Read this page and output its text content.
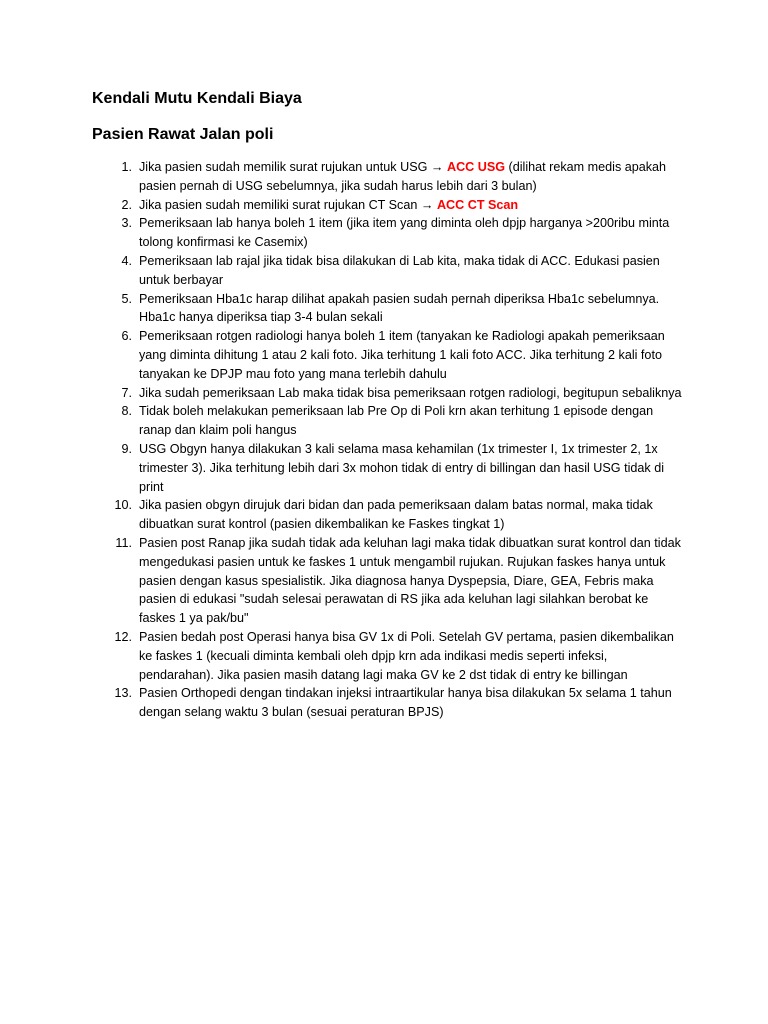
Kendali Mutu Kendali Biaya
Pasien Rawat Jalan poli
1. Jika pasien sudah memilik surat rujukan untuk USG → ACC USG (dilihat rekam medis apakah pasien pernah di USG sebelumnya, jika sudah harus lebih dari 3 bulan)
2. Jika pasien sudah memiliki surat rujukan CT Scan → ACC CT Scan
3. Pemeriksaan lab hanya boleh 1 item (jika item yang diminta oleh dpjp harganya >200ribu minta tolong konfirmasi ke Casemix)
4. Pemeriksaan lab rajal jika tidak bisa dilakukan di Lab kita, maka tidak di ACC. Edukasi pasien untuk berbayar
5. Pemeriksaan Hba1c harap dilihat apakah pasien sudah pernah diperiksa Hba1c sebelumnya. Hba1c hanya diperiksa tiap 3-4 bulan sekali
6. Pemeriksaan rotgen radiologi hanya boleh 1 item (tanyakan ke Radiologi apakah pemeriksaan yang diminta dihitung 1 atau 2 kali foto. Jika terhitung 1 kali foto ACC. Jika terhitung 2 kali foto tanyakan ke DPJP mau foto yang mana terlebih dahulu
7. Jika sudah pemeriksaan Lab maka tidak bisa pemeriksaan rotgen radiologi, begitupun sebaliknya
8. Tidak boleh melakukan pemeriksaan lab Pre Op di Poli krn akan terhitung 1 episode dengan ranap dan klaim poli hangus
9. USG Obgyn hanya dilakukan 3 kali selama masa kehamilan (1x trimester I, 1x trimester 2, 1x trimester 3). Jika terhitung lebih dari 3x mohon tidak di entry di billingan dan hasil USG tidak di print
10. Jika pasien obgyn dirujuk dari bidan dan pada pemeriksaan dalam batas normal, maka tidak dibuatkan surat kontrol (pasien dikembalikan ke Faskes tingkat 1)
11. Pasien post Ranap jika sudah tidak ada keluhan lagi maka tidak dibuatkan surat kontrol dan tidak mengedukasi pasien untuk ke faskes 1 untuk mengambil rujukan. Rujukan faskes hanya untuk pasien dengan kasus spesialistik. Jika diagnosa hanya Dyspepsia, Diare, GEA, Febris maka pasien di edukasi "sudah selesai perawatan di RS jika ada keluhan lagi silahkan berobat ke faskes 1 ya pak/bu"
12. Pasien bedah post Operasi hanya bisa GV 1x di Poli. Setelah GV pertama, pasien dikembalikan ke faskes 1 (kecuali diminta kembali oleh dpjp krn ada indikasi medis seperti infeksi, pendarahan). Jika pasien masih datang lagi maka GV ke 2 dst tidak di entry ke billingan
13. Pasien Orthopedi dengan tindakan injeksi intraartikular hanya bisa dilakukan 5x selama 1 tahun dengan selang waktu 3 bulan (sesuai peraturan BPJS)
